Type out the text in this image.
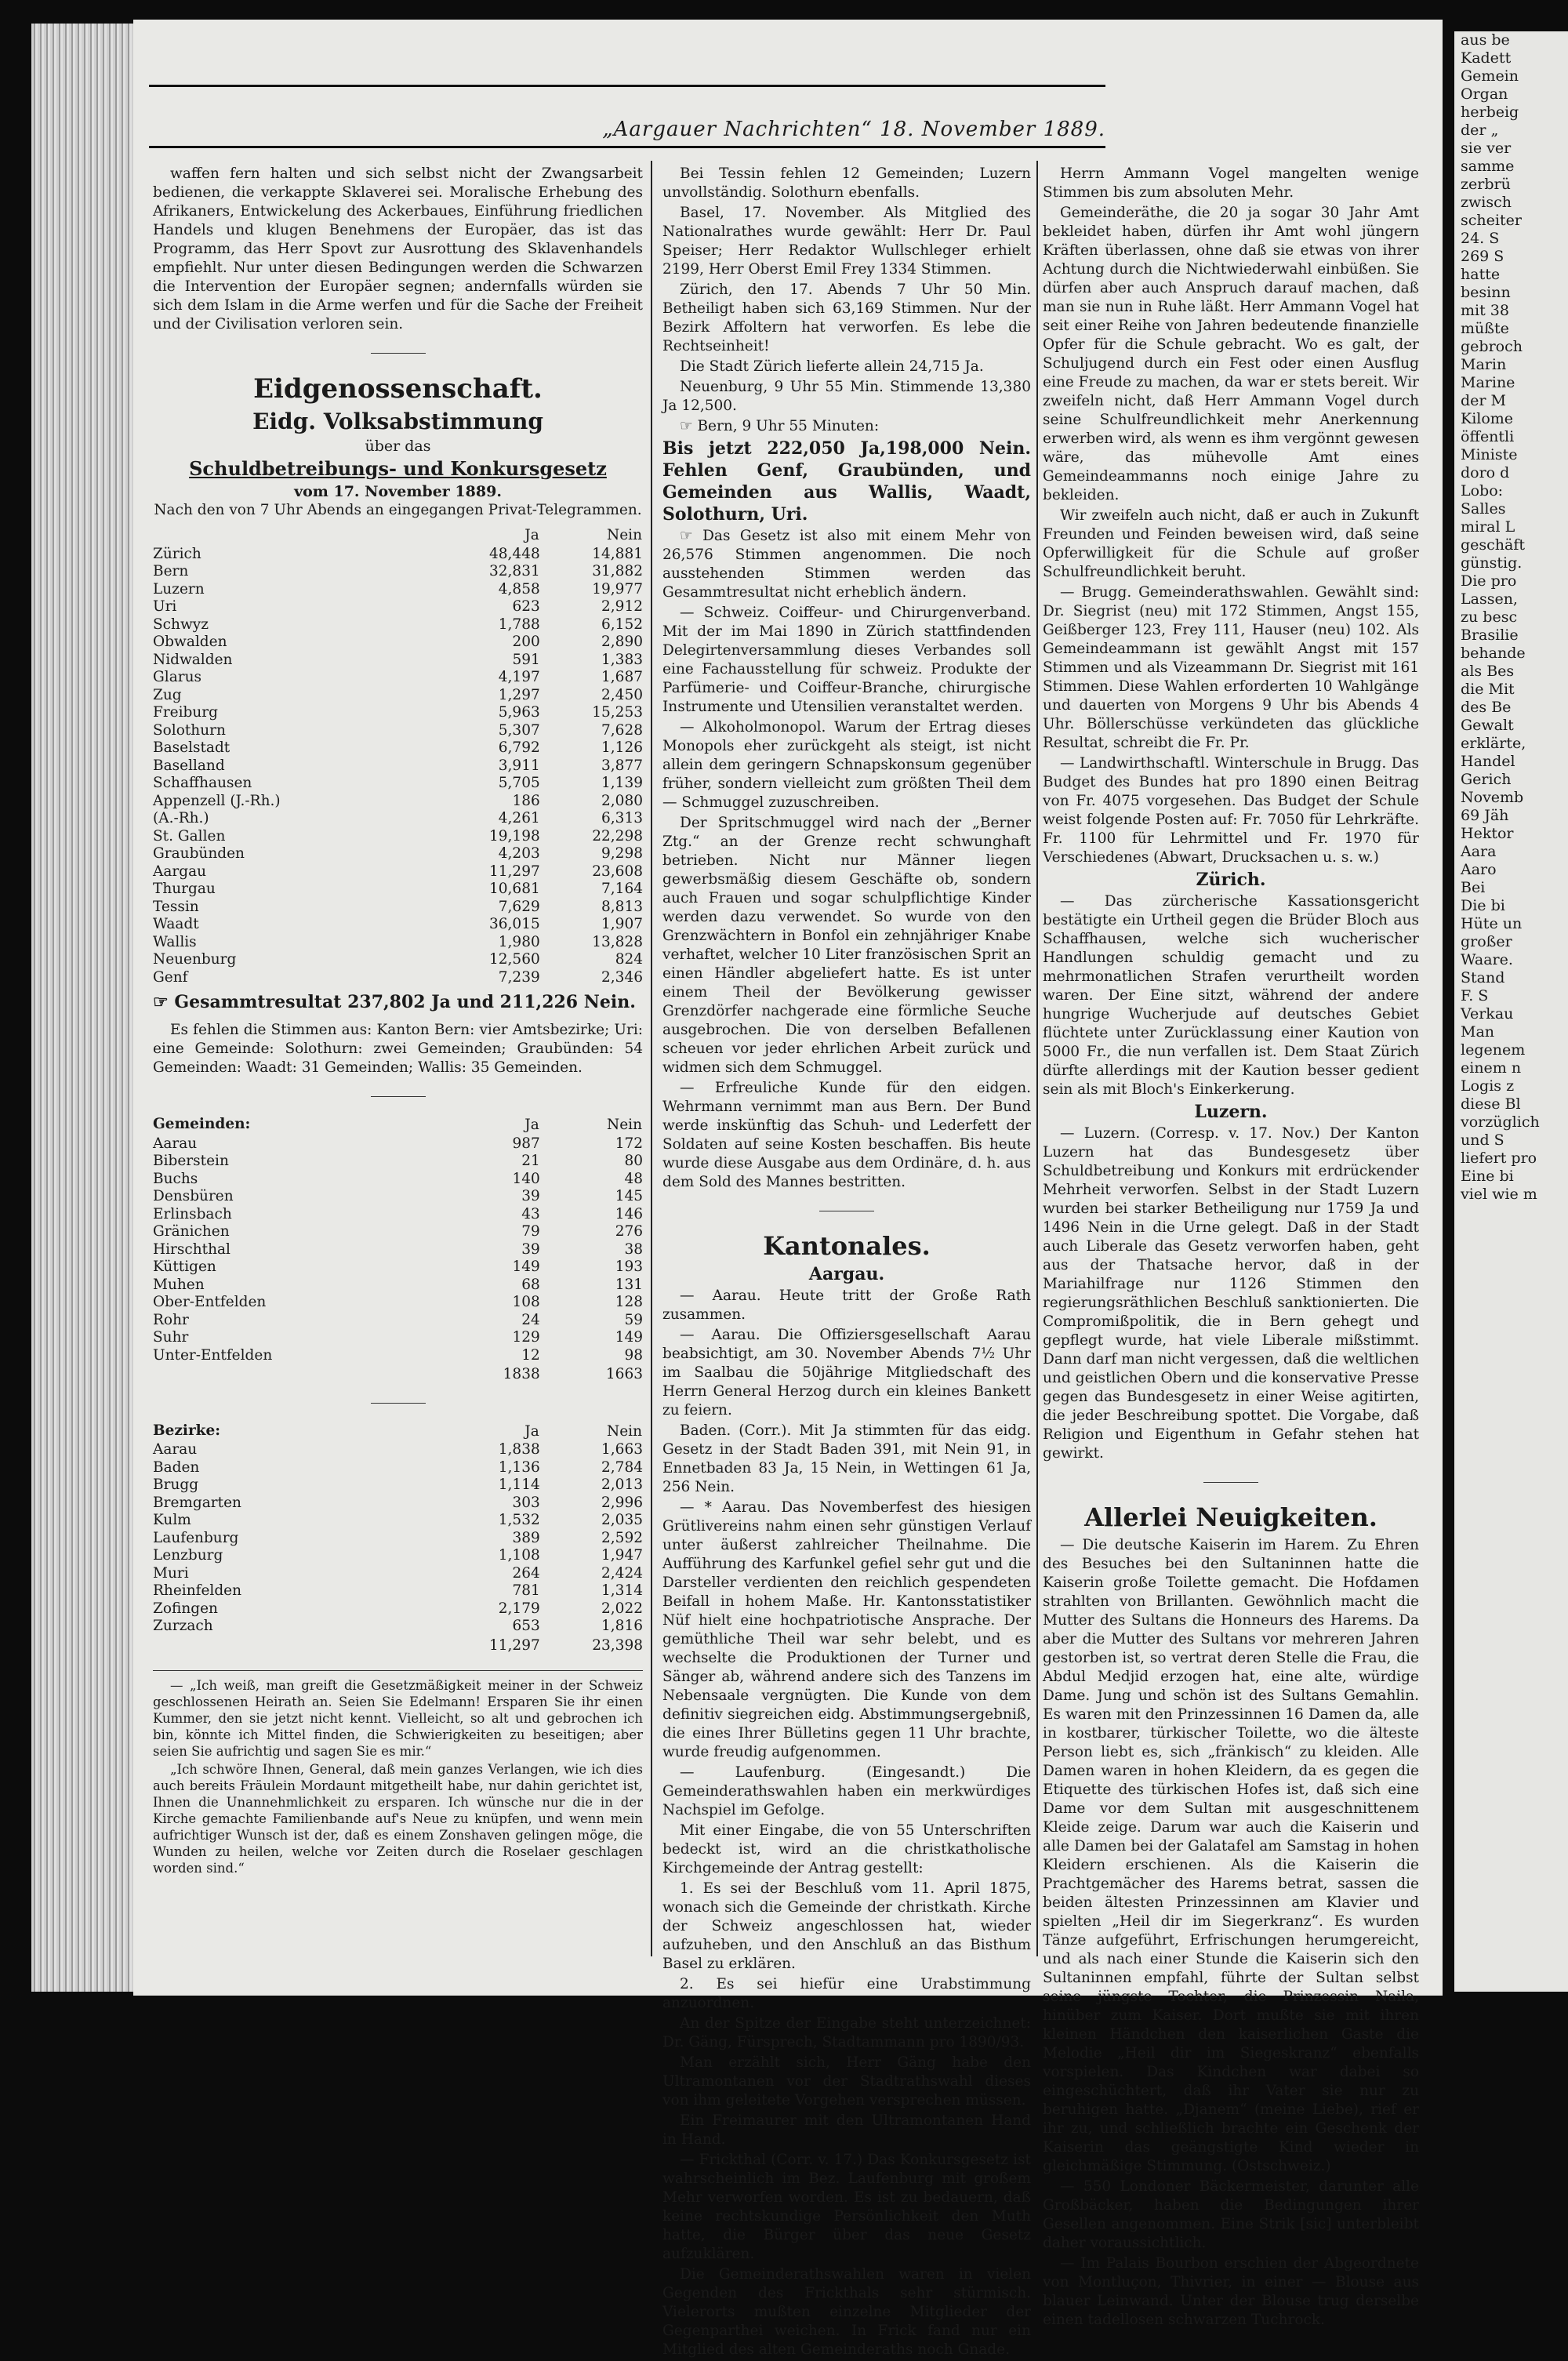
aus be
Kadett
Gemein
Organ
herbeig
der „
sie ver
samme
zerbrü
zwisch
scheiter
24. S
269 S
hatte
besinn
mit 38
müßte
gebroch
Marin
Marine
der M
Kilome
öffentli
Ministe
doro d
Lobo:
Salles
miral L
geschäft
günstig.
Die pro
Lassen,
zu besc
Brasilie
behande
als Bes
die Mit
des Be
Gewalt
erklärte,
Handel
Gerich
Novemb
69 Jäh
Hektor
Aara
Aaro
Bei
Die bi
Hüte un
großer
Waare.
Stand
F. S
Verkau
Man
legenem
einem n
Logis z
diese Bl
vorzüglich
und S
liefert pro
Eine bi
viel wie m
„Aargauer Nachrichten“ 18. November 1889.

waffen fern halten und sich selbst nicht der Zwangsarbeit bedienen, die verkappte Sklaverei sei. Moralische Erhebung des Afrikaners, Entwickelung des Ackerbaues, Einführung friedlichen Handels und klugen Benehmens der Europäer, das ist das Programm, das Herr Spovt zur Ausrottung des Sklavenhandels empfiehlt. Nur unter diesen Bedingungen werden die Schwarzen die Intervention der Europäer segnen; andernfalls würden sie sich dem Islam in die Arme werfen und für die Sache der Freiheit und der Civilisation verloren sein.

Eidgenossenschaft.
Eidg. Volksabstimmung
über das
Schuldbetreibungs- und Konkursgesetz
vom 17. November 1889.

Nach den von 7 Uhr Abends an eingegangen Privat-Telegrammen.

	Ja	Nein
Zürich	48,448	14,881
Bern	32,831	31,882
Luzern	4,858	19,977
Uri	623	2,912
Schwyz	1,788	6,152
Obwalden	200	2,890
Nidwalden	591	1,383
Glarus	4,197	1,687
Zug	1,297	2,450
Freiburg	5,963	15,253
Solothurn	5,307	7,628
Baselstadt	6,792	1,126
Baselland	3,911	3,877
Schaffhausen	5,705	1,139
Appenzell (J.-Rh.)	186	2,080
(A.-Rh.)	4,261	6,313
St. Gallen	19,198	22,298
Graubünden	4,203	9,298
Aargau	11,297	23,608
Thurgau	10,681	7,164
Tessin	7,629	8,813
Waadt	36,015	1,907
Wallis	1,980	13,828
Neuenburg	12,560	824
Genf	7,239	2,346

☞ Gesammtresultat 237,802 Ja und 211,226 Nein.

Es fehlen die Stimmen aus: Kanton Bern: vier Amtsbezirke; Uri: eine Gemeinde: Solothurn: zwei Gemeinden; Graubünden: 54 Gemeinden: Waadt: 31 Gemeinden; Wallis: 35 Gemeinden.

Gemeinden:	Ja	Nein
Aarau	987	172
Biberstein	21	80
Buchs	140	48
Densbüren	39	145
Erlinsbach	43	146
Gränichen	79	276
Hirschthal	39	38
Küttigen	149	193
Muhen	68	131
Ober-Entfelden	108	128
Rohr	24	59
Suhr	129	149
Unter-Entfelden	12	98
	1838	1663
Bezirke:	Ja	Nein
Aarau	1,838	1,663
Baden	1,136	2,784
Brugg	1,114	2,013
Bremgarten	303	2,996
Kulm	1,532	2,035
Laufenburg	389	2,592
Lenzburg	1,108	1,947
Muri	264	2,424
Rheinfelden	781	1,314
Zofingen	2,179	2,022
Zurzach	653	1,816
	11,297	23,398

— „Ich weiß, man greift die Gesetzmäßigkeit meiner in der Schweiz geschlossenen Heirath an. Seien Sie Edelmann! Ersparen Sie ihr einen Kummer, den sie jetzt nicht kennt. Vielleicht, so alt und gebrochen ich bin, könnte ich Mittel finden, die Schwierigkeiten zu beseitigen; aber seien Sie aufrichtig und sagen Sie es mir.“

„Ich schwöre Ihnen, General, daß mein ganzes Verlangen, wie ich dies auch bereits Fräulein Mordaunt mitgetheilt habe, nur dahin gerichtet ist, Ihnen die Unannehmlichkeit zu ersparen. Ich wünsche nur die in der Kirche gemachte Familienbande auf's Neue zu knüpfen, und wenn mein aufrichtiger Wunsch ist der, daß es einem Zonshaven gelingen möge, die Wunden zu heilen, welche vor Zeiten durch die Roselaer geschlagen worden sind.“

Bei Tessin fehlen 12 Gemeinden; Luzern unvollständig. Solothurn ebenfalls.

Basel, 17. November. Als Mitglied des Nationalrathes wurde gewählt: Herr Dr. Paul Speiser; Herr Redaktor Wullschleger erhielt 2199, Herr Oberst Emil Frey 1334 Stimmen.

Zürich, den 17. Abends 7 Uhr 50 Min. Betheiligt haben sich 63,169 Stimmen. Nur der Bezirk Affoltern hat verworfen. Es lebe die Rechtseinheit!

Die Stadt Zürich lieferte allein 24,715 Ja.

Neuenburg, 9 Uhr 55 Min. Stimmende 13,380 Ja 12,500.

☞ Bern, 9 Uhr 55 Minuten:

Bis jetzt 222,050 Ja,198,000 Nein. Fehlen Genf, Graubünden, und Gemeinden aus Wallis, Waadt, Solothurn, Uri.

☞ Das Gesetz ist also mit einem Mehr von 26,576 Stimmen angenommen. Die noch ausstehenden Stimmen werden das Gesammtresultat nicht erheblich ändern.

— Schweiz. Coiffeur- und Chirurgenverband. Mit der im Mai 1890 in Zürich stattfindenden Delegirtenversammlung dieses Verbandes soll eine Fachausstellung für schweiz. Produkte der Parfümerie- und Coiffeur-Branche, chirurgische Instrumente und Utensilien veranstaltet werden.

— Alkoholmonopol. Warum der Ertrag dieses Monopols eher zurückgeht als steigt, ist nicht allein dem geringern Schnapskonsum gegenüber früher, sondern vielleicht zum größten Theil dem — Schmuggel zuzuschreiben.

Der Spritschmuggel wird nach der „Berner Ztg.“ an der Grenze recht schwunghaft betrieben. Nicht nur Männer liegen gewerbsmäßig diesem Geschäfte ob, sondern auch Frauen und sogar schulpflichtige Kinder werden dazu verwendet. So wurde von den Grenzwächtern in Bonfol ein zehnjähriger Knabe verhaftet, welcher 10 Liter französischen Sprit an einen Händler abgeliefert hatte. Es ist unter einem Theil der Bevölkerung gewisser Grenzdörfer nachgerade eine förmliche Seuche ausgebrochen. Die von derselben Befallenen scheuen vor jeder ehrlichen Arbeit zurück und widmen sich dem Schmuggel.

— Erfreuliche Kunde für den eidgen. Wehrmann vernimmt man aus Bern. Der Bund werde inskünftig das Schuh- und Lederfett der Soldaten auf seine Kosten beschaffen. Bis heute wurde diese Ausgabe aus dem Ordinäre, d. h. aus dem Sold des Mannes bestritten.

Kantonales.
Aargau.

— Aarau. Heute tritt der Große Rath zusammen.

— Aarau. Die Offiziersgesellschaft Aarau beabsichtigt, am 30. November Abends 7½ Uhr im Saalbau die 50jährige Mitgliedschaft des Herrn General Herzog durch ein kleines Bankett zu feiern.

Baden. (Corr.). Mit Ja stimmten für das eidg. Gesetz in der Stadt Baden 391, mit Nein 91, in Ennetbaden 83 Ja, 15 Nein, in Wettingen 61 Ja, 256 Nein.

— * Aarau. Das Novemberfest des hiesigen Grütlivereins nahm einen sehr günstigen Verlauf unter äußerst zahlreicher Theilnahme. Die Aufführung des Karfunkel gefiel sehr gut und die Darsteller verdienten den reichlich gespendeten Beifall in hohem Maße. Hr. Kantonsstatistiker Nüf hielt eine hochpatriotische Ansprache. Der gemüthliche Theil war sehr belebt, und es wechselte die Produktionen der Turner und Sänger ab, während andere sich des Tanzens im Nebensaale vergnügten. Die Kunde von dem definitiv siegreichen eidg. Abstimmungsergebniß, die eines Ihrer Bülletins gegen 11 Uhr brachte, wurde freudig aufgenommen.

— Laufenburg. (Eingesandt.) Die Gemeinderathswahlen haben ein merkwürdiges Nachspiel im Gefolge.

Mit einer Eingabe, die von 55 Unterschriften bedeckt ist, wird an die christkatholische Kirchgemeinde der Antrag gestellt:

1. Es sei der Beschluß vom 11. April 1875, wonach sich die Gemeinde der christkath. Kirche der Schweiz angeschlossen hat, wieder aufzuheben, und den Anschluß an das Bisthum Basel zu erklären.

2. Es sei hiefür eine Urabstimmung anzuordnen.

An der Spitze der Eingabe steht unterzeichnet: Dr. Gäng, Fürsprech, Stadtammann pro 1890/93.

Man erzählt sich, Herr Gäng habe den Ultramontanen vor der Stadtrathswahl dieses von ihm geleitete Vorgehen versprechen müssen.

Ein Freimaurer mit den Ultramontanen Hand in Hand.

— Frickthal (Corr. v. 17.) Das Konkursgesetz ist wahrscheinlich im Bez. Laufenburg mit großem Mehr verworfen worden. Es ist zu bedauern, daß keine rechtskundige Persönlichkeit den Muth hatte, die Bürger über das neue Gesetz aufzuklären.

Die Gemeinderathswahlen waren in vielen Gegenden des Frickthals sehr stürmisch. Vielerorts mußten einzelne Mitglieder der Gegenparthei weichen. In Frick fand nur ein Mitglied des alten Gemeinderaths noch Gnade.

Herrn Ammann Vogel mangelten wenige Stimmen bis zum absoluten Mehr.

Gemeinderäthe, die 20 ja sogar 30 Jahr Amt bekleidet haben, dürfen ihr Amt wohl jüngern Kräften überlassen, ohne daß sie etwas von ihrer Achtung durch die Nichtwiederwahl einbüßen. Sie dürfen aber auch Anspruch darauf machen, daß man sie nun in Ruhe läßt. Herr Ammann Vogel hat seit einer Reihe von Jahren bedeutende finanzielle Opfer für die Schule gebracht. Wo es galt, der Schuljugend durch ein Fest oder einen Ausflug eine Freude zu machen, da war er stets bereit. Wir zweifeln nicht, daß Herr Ammann Vogel durch seine Schulfreundlichkeit mehr Anerkennung erwerben wird, als wenn es ihm vergönnt gewesen wäre, das mühevolle Amt eines Gemeindeammanns noch einige Jahre zu bekleiden.

Wir zweifeln auch nicht, daß er auch in Zukunft Freunden und Feinden beweisen wird, daß seine Opferwilligkeit für die Schule auf großer Schulfreundlichkeit beruht.

— Brugg. Gemeinderathswahlen. Gewählt sind: Dr. Siegrist (neu) mit 172 Stimmen, Angst 155, Geißberger 123, Frey 111, Hauser (neu) 102. Als Gemeindeammann ist gewählt Angst mit 157 Stimmen und als Vizeammann Dr. Siegrist mit 161 Stimmen. Diese Wahlen erforderten 10 Wahlgänge und dauerten von Morgens 9 Uhr bis Abends 4 Uhr. Böllerschüsse verkündeten das glückliche Resultat, schreibt die Fr. Pr.

— Landwirthschaftl. Winterschule in Brugg. Das Budget des Bundes hat pro 1890 einen Beitrag von Fr. 4075 vorgesehen. Das Budget der Schule weist folgende Posten auf: Fr. 7050 für Lehrkräfte. Fr. 1100 für Lehrmittel und Fr. 1970 für Verschiedenes (Abwart, Drucksachen u. s. w.)

Zürich.

— Das zürcherische Kassationsgericht bestätigte ein Urtheil gegen die Brüder Bloch aus Schaffhausen, welche sich wucherischer Handlungen schuldig gemacht und zu mehrmonatlichen Strafen verurtheilt worden waren. Der Eine sitzt, während der andere hungrige Wucherjude auf deutsches Gebiet flüchtete unter Zurücklassung einer Kaution von 5000 Fr., die nun verfallen ist. Dem Staat Zürich dürfte allerdings mit der Kaution besser gedient sein als mit Bloch's Einkerkerung.

Luzern.

— Luzern. (Corresp. v. 17. Nov.) Der Kanton Luzern hat das Bundesgesetz über Schuldbetreibung und Konkurs mit erdrückender Mehrheit verworfen. Selbst in der Stadt Luzern wurden bei starker Betheiligung nur 1759 Ja und 1496 Nein in die Urne gelegt. Daß in der Stadt auch Liberale das Gesetz verworfen haben, geht aus der Thatsache hervor, daß in der Mariahilfrage nur 1126 Stimmen den regierungsräthlichen Beschluß sanktionierten. Die Compromißpolitik, die in Bern gehegt und gepflegt wurde, hat viele Liberale mißstimmt. Dann darf man nicht vergessen, daß die weltlichen und geistlichen Obern und die konservative Presse gegen das Bundesgesetz in einer Weise agitirten, die jeder Beschreibung spottet. Die Vorgabe, daß Religion und Eigenthum in Gefahr stehen hat gewirkt.

Allerlei Neuigkeiten.

— Die deutsche Kaiserin im Harem. Zu Ehren des Besuches bei den Sultaninnen hatte die Kaiserin große Toilette gemacht. Die Hofdamen strahlten von Brillanten. Gewöhnlich macht die Mutter des Sultans die Honneurs des Harems. Da aber die Mutter des Sultans vor mehreren Jahren gestorben ist, so vertrat deren Stelle die Frau, die Abdul Medjid erzogen hat, eine alte, würdige Dame. Jung und schön ist des Sultans Gemahlin. Es waren mit den Prinzessinnen 16 Damen da, alle in kostbarer, türkischer Toilette, wo die älteste Person liebt es, sich „fränkisch“ zu kleiden. Alle Damen waren in hohen Kleidern, da es gegen die Etiquette des türkischen Hofes ist, daß sich eine Dame vor dem Sultan mit ausgeschnittenem Kleide zeige. Darum war auch die Kaiserin und alle Damen bei der Galatafel am Samstag in hohen Kleidern erschienen. Als die Kaiserin die Prachtgemächer des Harems betrat, sassen die beiden ältesten Prinzessinnen am Klavier und spielten „Heil dir im Siegerkranz“. Es wurden Tänze aufgeführt, Erfrischungen herumgereicht, und als nach einer Stunde die Kaiserin sich den Sultaninnen empfahl, führte der Sultan selbst seine jüngste Tochter, die Prinzessin Naila, hinüber zum Kaiser. Dort mußte sie mit ihren kleinen Händchen den kaiserlichen Gaste die Melodie „Heil dir im Siegeskranz“ ebenfalls vorspielen. Das Kindchen war dabei so eingeschüchtert, daß ihr Vater sie nur zu beruhigen hatte. „Djanem“ (meine Liebe), rief er ihr zu, und schließlich brachte ein Geschenk der Kaiserin das geängstigte Kind wieder in gleichmäßige Stimmung. (Ostschweiz.)

— 550 Londoner Bäckermeister, darunter alle Großbäcker, haben die Bedingungen ihrer Gesellen angenommen. Eine Strik [sic] unterbleibt daher voraussichtlich.

— Im Palais Bourbon erschien der Abgeordnete von Montluçon, Thivrier, in einer — Blouse aus blauer Leinwand. Unter der Blouse trug derselbe einen tadellosen schwarzen Tuchrock.
